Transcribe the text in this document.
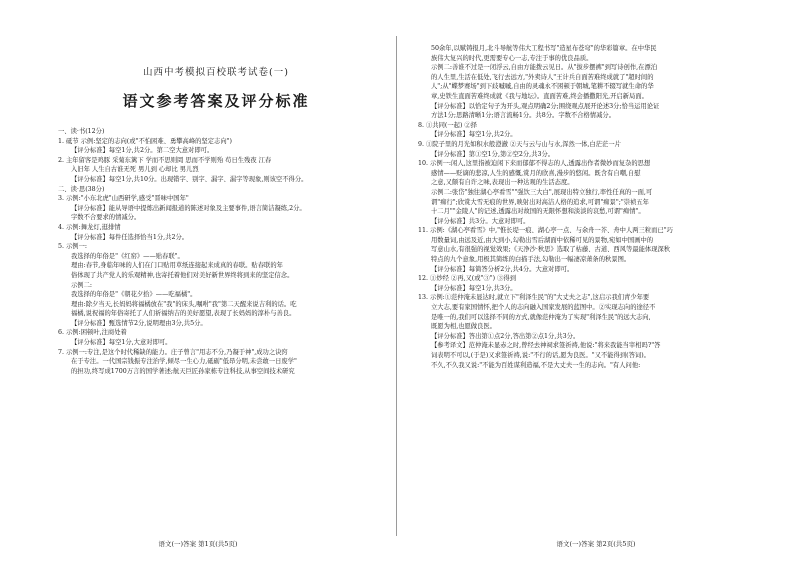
山西中考模拟百校联考试卷(一)
语文参考答案及评分标准
一、读·书(12分)
1. 砥节 示例:坚定的志向(或"不怕困难、勇攀高峰的坚定志向")
【评分标准】每空1分,共2分。第二空大意对即可。
2. 主年留客是鸡豚 采菊东篱下 学而不思则罔 思而不学则殆 苟日生残夜 江春
入旧年 人生自古谁无死 男儿到 心却比 男儿烈
【评分标准】每空1分,共10分。出现错字、别字、漏字、漏字等现象,则该空不得分。
二、读·思(38分)
3. 示例:"小东北虎"山西研学,感受"晋味中国年"
【评分标准】能从导语中提炼出新闻报道的陈述对象及主要事件,语言简洁凝练,2分。
字数不合要求的情减分。
4. 示例:舞龙灯,逛排情
【评分标准】每件任选择恰当1分,共2分。
5. 示例一:
我选择的年俗是"《红窑》——贴春联"。
理由:春节,身临年味的人们在门口贴用草纸连接起来成真的春联。贴春联的年
俗体现了共产党人的乐观精神,也寄托着他们对美好新世界终将到来的坚定信念。
示例二:
我选择的年俗是"《朝花夕拾》——吃福橘"。
理由:除夕当天,长妈妈将福橘放在"我"的床头,嘱咐"我"第二天醒来说吉利的话。吃
福橘,说祝福的年俗寄托了人们祈福纳吉的美好愿望,表现了长妈妈的淳朴与善良。
【评分标准】甄选情节2分,说明理由3分,共5分。
6. 示例:困顿叶,注商处着
【评分标准】每空1分,大意对即可。
7. 示例一:专注,是这个时代稀缺的能力。庄子曾言"用志不分,乃凝于神",成功之诀窍
在于专注。一代国宗钱振专注治学,倾尽一生心力,砥砺"低昂分明,未尝敢一日废学"
的担功,终写成1700万言的国学著述;航天巨匠孙家栋专注科技,从事空间技术研究
语文(一)答案 第1页(共5页)
50余年,以赋铸报月,北斗导航等伟大工程书写"造星布苍穹"的华彩篇章。在中华民
族伟大复兴的时代,更需要专心一志,专注于事的优良品质。
示例二:善谁不过是一闭浮云,自由方能拨云见日。从"拔步摆裤"到写诗创作,在漂泊
的人生里,生活在低处,飞行去远方,"外卖诗人"王计兵自面苦难终成就了"超时间的
人";从"蝶梦赛场"到下歧嘁嘁,自由的灵魂永不困顿于朝城,笔耕不辍写就生命的华
章,史铁生直面苦难终成就《我与地坛》。直面苦难,终会播撒阳光,开启新局面。
【评分标准】以恰定句子为开头,观点明确2分;围绕观点展开论述3分;恰当运用论证
方法1分;思路清晰1分;语言流畅1分。共8分。字数不合格情减分。
8. ①共同(一起) ②择
【评分标准】每空1分,共2分。
9. ①院子里的月光如积水般澄澈 ②天与云与山与水,浑然一体,白茫茫一片
【评分标准】第①空1分,第②空2分,共3分。
10. 示例一:闲人,这里指被迫闲下来而郁郁不得志的人,透露出作者微妙而复杂的思想
感情——贬谪的悲凉,人生的感慨,赏月的欣喜,漫步的悠闲。既含有自嘲,自慰
之意,又颇有自许之味,表现出一种达观的生活态度。
示例二:张岱"独往湖心亭看雪""强饮三大白",展现出特立独行,率性任真的一面,可
谓"痴行";欣赏大雪无痕的世界,映射出对高洁人格的追求,可谓"痴景";"崇祯五年
十二月""金陵人"的记述,透露出对故国的无限怀想和淡淡的哀愁,可谓"痴情"。
【评分标准】共3分。大意对即可。
11. 示例:《湖心亭看雪》中,"惟长堤一痕、湖心亭一点、与余舟一芥、舟中人两三粒而已"巧
用数量词,由远及近,由大到小,勾勒出雪后湖面中依稀可见的景物,宛如中国画中的
写意山水,有很强的视觉效果;《天净沙·秋思》选取了枯藤、古道、西风等最能体现深秋
特点的九个意象,用极其简练的白描手法,勾勒出一幅凄凉萧条的秋景图。
【评分标准】每简答分析2分,共4分。大意对即可。
12. ①炒经 ②再,又(或"③") ③得到
【评分标准】每空1分,共3分。
13. 示例:①范仲淹未显达时,就立下"利泽生民"的"大丈夫之志",这启示我们青少年要
立大志,要有家国情怀,把个人的志向融入国家发展的蓝图中。②实现志向的途径不
是唯一的,我们可以选择不同的方式,就像范仲淹为了实现"利泽生民"的远大志向,
既愿为相,也愿做良医。
【评分标准】答出第①点2分,答出第②点1分,共3分。
【参考译文】范仲淹未显赤之时,曾经去神祠求签祈祷,他说:"将来我能当宰相吗?"答
词表明不可以,(于是)又求签祈祷,说:"不行的话,愿为良医。"又不能得到(答词)。
不久,不久我又说:"不能为百姓谋利造福,不是大丈夫一生的志向。"有人问他:
语文(一)答案 第2页(共5页)
